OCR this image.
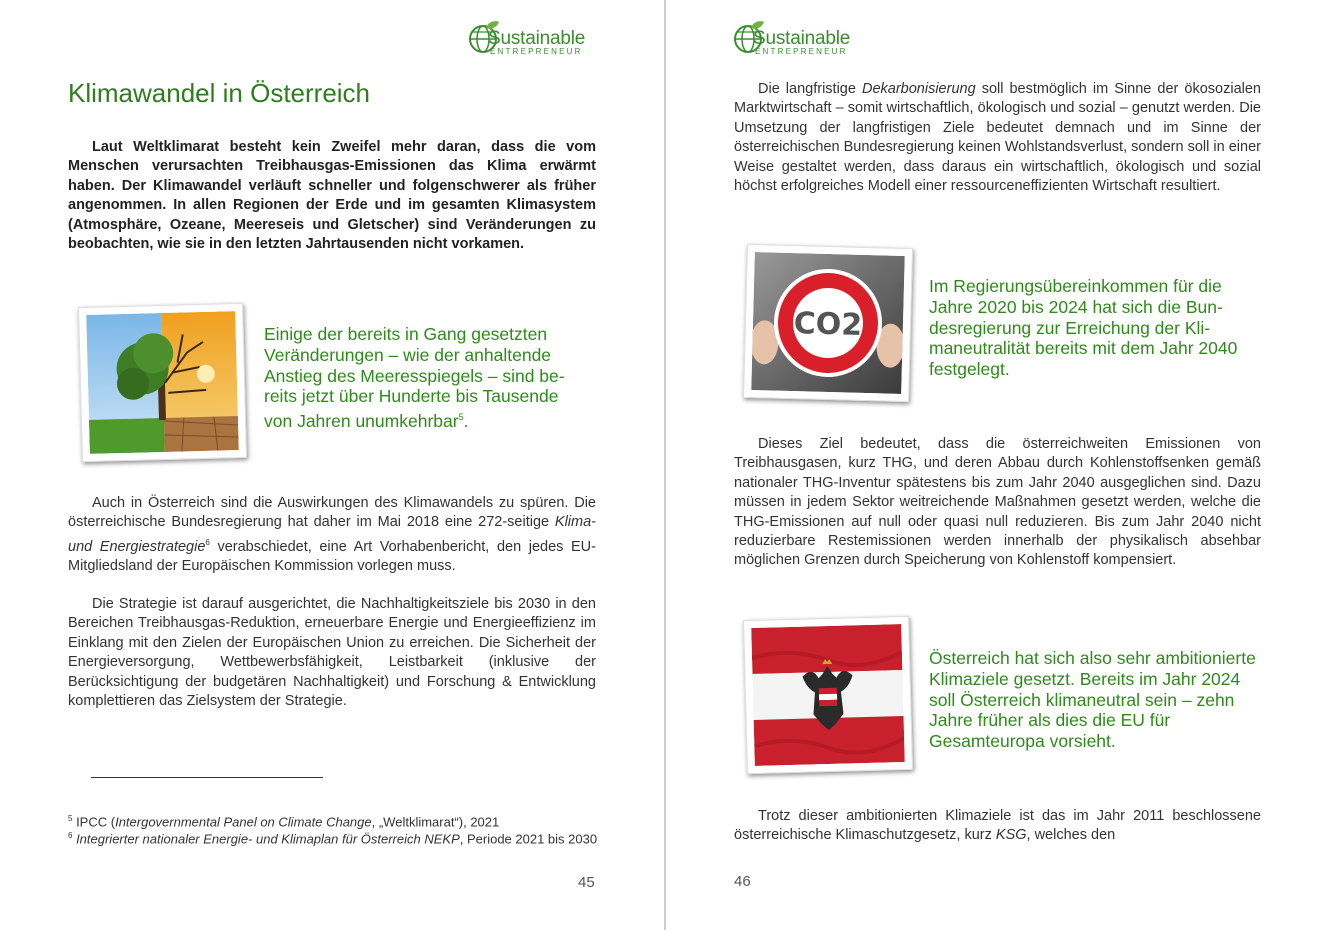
Sustainable
ENTREPRENEUR
Klimawandel in Österreich
Laut Weltklimarat besteht kein Zweifel mehr daran, dass die vom Menschen verursachten Treibhausgas-Emissionen das Klima erwärmt haben. Der Klimawandel verläuft schneller und folgenschwerer als früher angenommen. In allen Regionen der Erde und im gesamten Klimasystem (Atmosphäre, Ozeane, Meereseis und Gletscher) sind Veränderungen zu beobachten, wie sie in den letzten Jahrtausenden nicht vorkamen.
Einige der bereits in Gang gesetzten Veränderungen – wie der anhaltende Anstieg des Meeresspiegels – sind bereits jetzt über Hunderte bis Tausende von Jahren unumkehrbar$^5$.
Auch in Österreich sind die Auswirkungen des Klimawandels zu spüren. Die österreichische Bundesregierung hat daher im Mai 2018 eine 272-seitige Klima- und Energiestrategie$^6$ verabschiedet, eine Art Vorhabenbericht, den jedes EU-Mitgliedsland der Europäischen Kommission vorlegen muss.
Die Strategie ist darauf ausgerichtet, die Nachhaltigkeitsziele bis 2030 in den Bereichen Treibhausgas-Reduktion, erneuerbare Energie und Energieeffizienz im Einklang mit den Zielen der Europäischen Union zu erreichen. Die Sicherheit der Energieversorgung, Wettbewerbsfähigkeit, Leistbarkeit (inklusive der Berücksichtigung der budgetären Nachhaltigkeit) und Forschung & Entwicklung komplettieren das Zielsystem der Strategie.
$^5$ IPCC (Intergovernmental Panel on Climate Change, „Weltklimarat“), 2021
$^6$ Integrierter nationaler Energie- und Klimaplan für Österreich NEKP, Periode 2021 bis 2030
45
Sustainable
ENTREPRENEUR
Die langfristige Dekarbonisierung soll bestmöglich im Sinne der ökosozialen Marktwirtschaft – somit wirtschaftlich, ökologisch und sozial – genutzt werden. Die Umsetzung der langfristigen Ziele bedeutet demnach und im Sinne der österreichischen Bundesregierung keinen Wohlstandsverlust, sondern soll in einer Weise gestaltet werden, dass daraus ein wirtschaftlich, ökologisch und sozial höchst erfolgreiches Modell einer ressourceneffizienten Wirtschaft resultiert.
CO2
Im Regierungsübereinkommen für die Jahre 2020 bis 2024 hat sich die Bundesregierung zur Erreichung der Klimaneutralität bereits mit dem Jahr 2040 festgelegt.
Dieses Ziel bedeutet, dass die österreichweiten Emissionen von Treibhausgasen, kurz THG, und deren Abbau durch Kohlenstoffsenken gemäß nationaler THG-Inventur spätestens bis zum Jahr 2040 ausgeglichen sind. Dazu müssen in jedem Sektor weitreichende Maßnahmen gesetzt werden, welche die THG-Emissionen auf null oder quasi null reduzieren. Bis zum Jahr 2040 nicht reduzierbare Restemissionen werden innerhalb der physikalisch absehbar möglichen Grenzen durch Speicherung von Kohlenstoff kompensiert.
Österreich hat sich also sehr ambitionierte Klimaziele gesetzt. Bereits im Jahr 2024 soll Österreich klimaneutral sein – zehn Jahre früher als dies die EU für Gesamteuropa vorsieht.
Trotz dieser ambitionierten Klimaziele ist das im Jahr 2011 beschlossene österreichische Klimaschutzgesetz, kurz KSG, welches den
46
